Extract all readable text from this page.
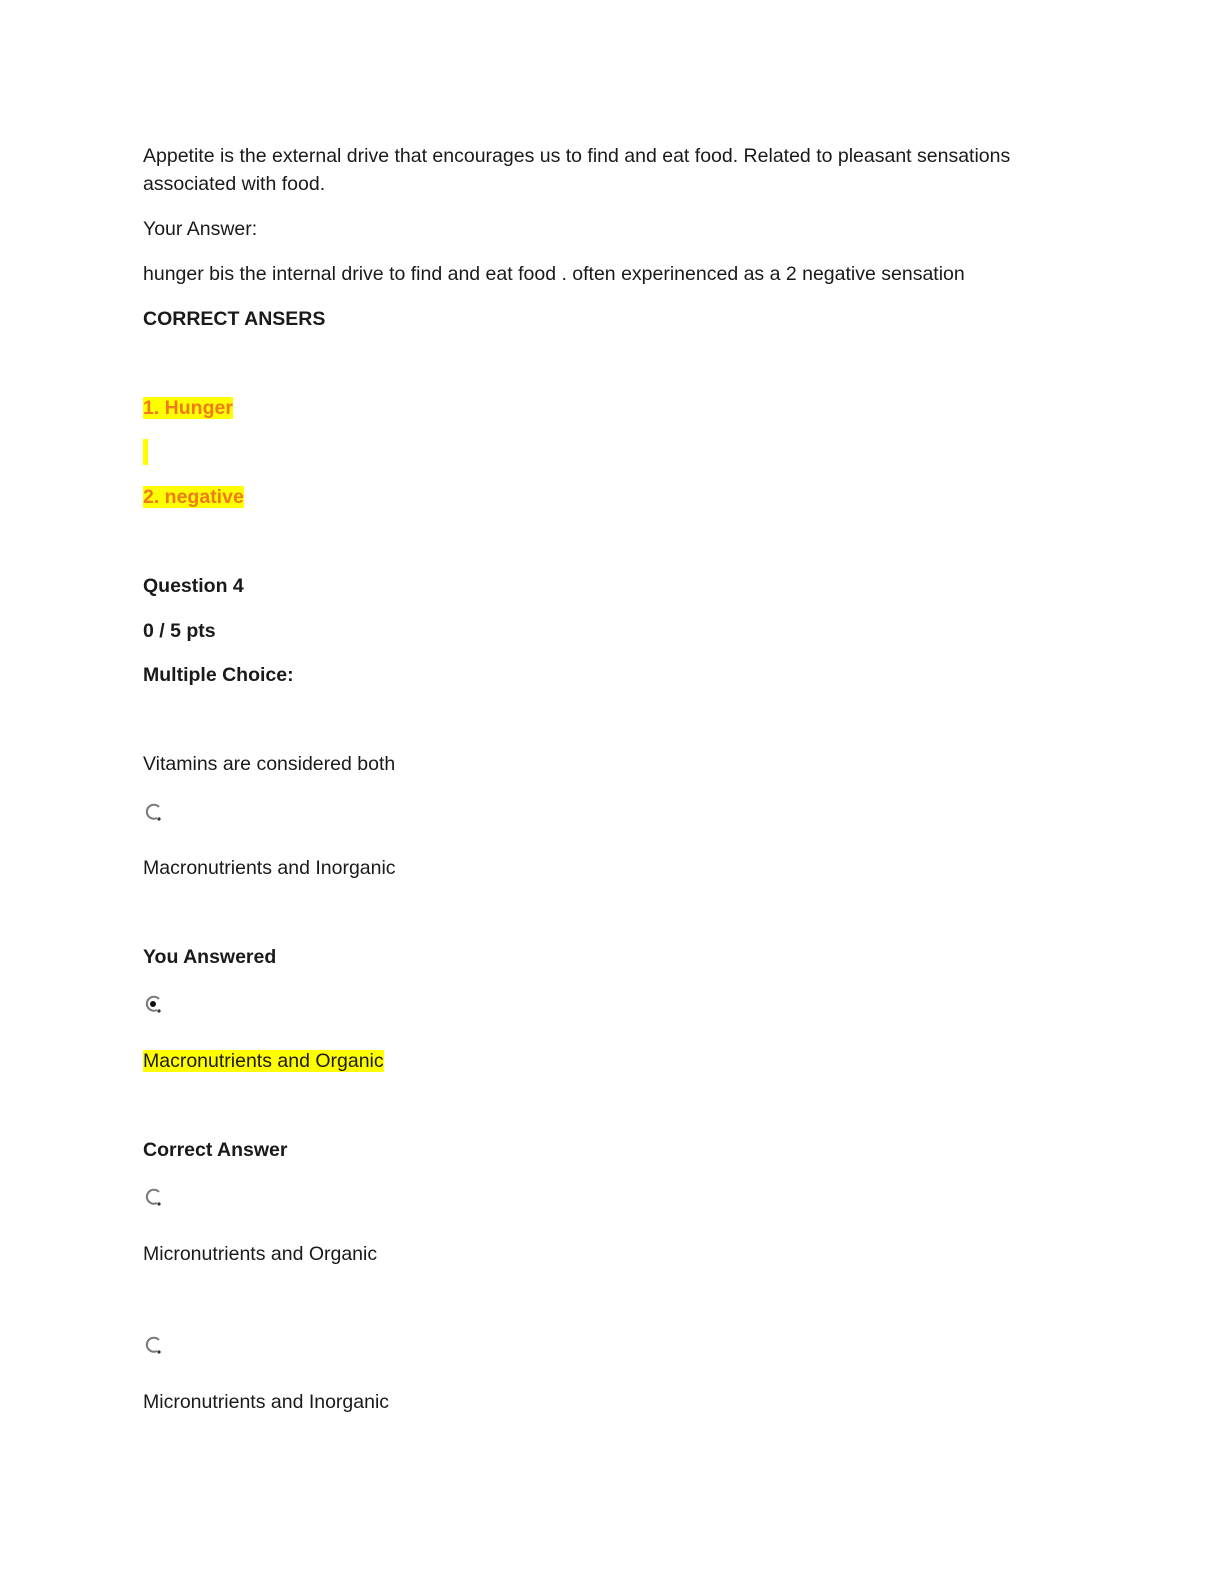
Appetite is the external drive that encourages us to find and eat food. Related to pleasant sensations associated with food.
Your Answer:
hunger bis the internal drive to find and eat food . often experinenced as a 2 negative sensation
CORRECT ANSERS
1. Hunger
2. negative
Question 4
0 / 5 pts
Multiple Choice:
Vitamins are considered both
Macronutrients and Inorganic
You Answered
Macronutrients and Organic
Correct Answer
Micronutrients and Organic
Micronutrients and Inorganic
